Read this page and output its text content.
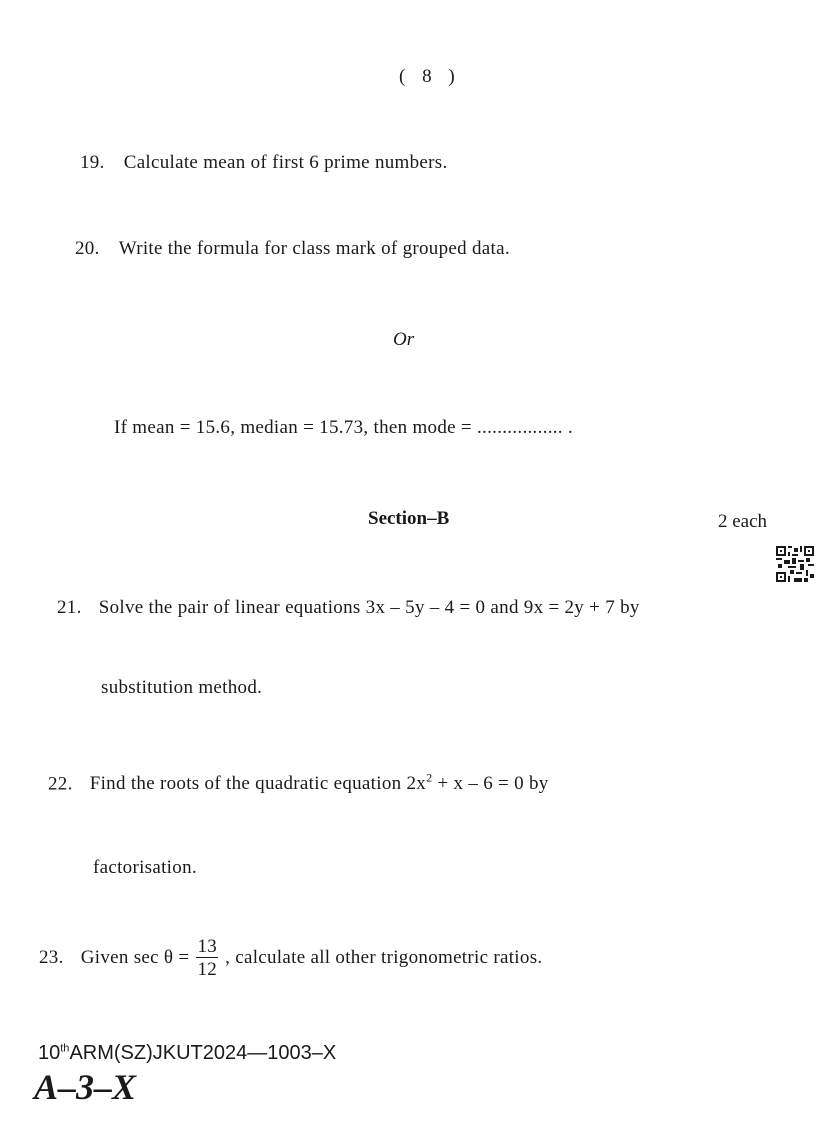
( 8 )
19. Calculate mean of first 6 prime numbers.
20. Write the formula for class mark of grouped data.
Or
If mean = 15.6, median = 15.73, then mode = ................. .
Section–B	2 each
21. Solve the pair of linear equations 3x – 5y – 4 = 0 and 9x = 2y + 7 by
substitution method.
22. Find the roots of the quadratic equation $2x^2 + x - 6 = 0$ by
factorisation.
23. Given $\sec \theta = \frac{13}{12}$ , calculate all other trigonometric ratios.
10thARM(SZ)JKUT2024—1003–X
A–3–X
